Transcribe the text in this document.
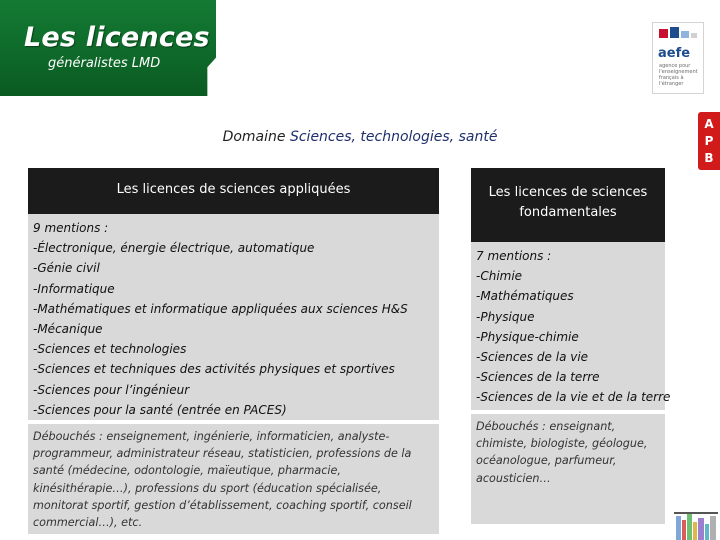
Les licences
généralistes LMD
aefe
agence pour l'enseignement français à l'étranger
A
P
B
Domaine Sciences, technologies, santé
Les licences de sciences appliquées
9 mentions :
-Électronique, énergie électrique, automatique
-Génie civil
-Informatique
-Mathématiques et informatique appliquées aux sciences H&S
-Mécanique
-Sciences et technologies
-Sciences et techniques des activités physiques et sportives
-Sciences pour l’ingénieur
-Sciences pour la santé (entrée en PACES)
Débouchés : enseignement, ingénierie, informaticien, analyste-programmeur, administrateur réseau, statisticien, professions de la santé (médecine, odontologie, maïeutique, pharmacie, kinésithérapie…), professions du sport (éducation spécialisée, monitorat sportif, gestion d’établissement, coaching sportif, conseil commercial…), etc.
Les licences de sciences
fondamentales
7 mentions :
-Chimie
-Mathématiques
-Physique
-Physique-chimie
-Sciences de la vie
-Sciences de la terre
-Sciences de la vie et de la terre
Débouchés : enseignant, chimiste, biologiste, géologue, océanologue, parfumeur, acousticien…
